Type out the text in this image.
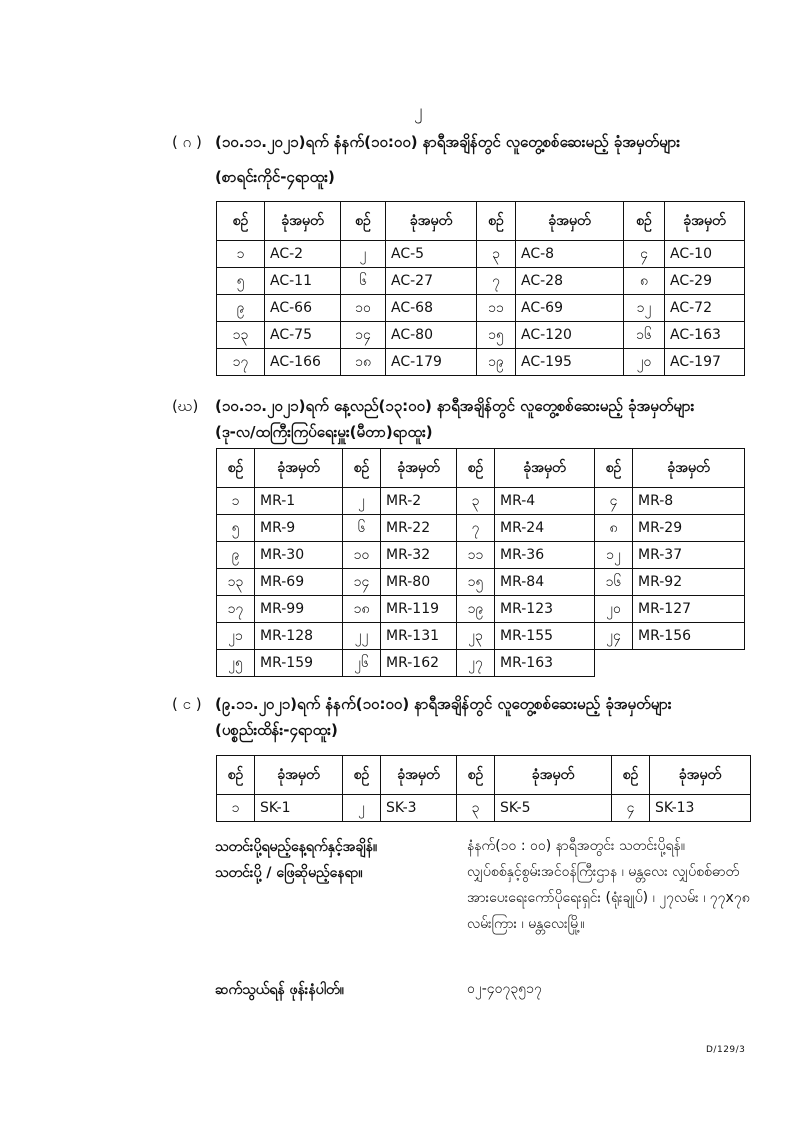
၂
( ဂ ) (၁၀.၁၁.၂၀၂၁)ရက် နံနက်(၁၀:၀၀) နာရီအချိန်တွင် လူတွေ့စစ်ဆေးမည့် ခုံအမှတ်များ
(စာရင်းကိုင်-၄ရာထူး)
စဥ်	ခုံအမှတ်	စဥ်	ခုံအမှတ်	စဥ်	ခုံအမှတ်	စဥ်	ခုံအမှတ်
၁	AC-2	၂	AC-5	၃	AC-8	၄	AC-10
၅	AC-11	၆	AC-27	၇	AC-28	၈	AC-29
၉	AC-66	၁၀	AC-68	၁၁	AC-69	၁၂	AC-72
၁၃	AC-75	၁၄	AC-80	၁၅	AC-120	၁၆	AC-163
၁၇	AC-166	၁၈	AC-179	၁၉	AC-195	၂၀	AC-197
(ဃ) (၁၀.၁၁.၂၀၂၁)ရက် နေ့လည်(၁၃:၀၀) နာရီအချိန်တွင် လူတွေ့စစ်ဆေးမည့် ခုံအမှတ်များ
(ဒု-လ/ထကြီးကြပ်ရေးမှူး(မီတာ)ရာထူး)
စဥ်	ခုံအမှတ်	စဥ်	ခုံအမှတ်	စဥ်	ခုံအမှတ်	စဥ်	ခုံအမှတ်
၁	MR-1	၂	MR-2	၃	MR-4	၄	MR-8
၅	MR-9	၆	MR-22	၇	MR-24	၈	MR-29
၉	MR-30	၁၀	MR-32	၁၁	MR-36	၁၂	MR-37
၁၃	MR-69	၁၄	MR-80	၁၅	MR-84	၁၆	MR-92
၁၇	MR-99	၁၈	MR-119	၁၉	MR-123	၂၀	MR-127
၂၁	MR-128	၂၂	MR-131	၂၃	MR-155	၂၄	MR-156
၂၅	MR-159	၂၆	MR-162	၂၇	MR-163		
( င ) (၉.၁၁.၂၀၂၁)ရက် နံနက်(၁၀:၀၀) နာရီအချိန်တွင် လူတွေ့စစ်ဆေးမည့် ခုံအမှတ်များ
(ပစ္စည်းထိန်း-၄ရာထူး)
စဥ်	ခုံအမှတ်	စဥ်	ခုံအမှတ်	စဥ်	ခုံအမှတ်	စဥ်	ခုံအမှတ်
၁	SK-1	၂	SK-3	၃	SK-5	၄	SK-13
သတင်းပို့ရမည့်နေ့ရက်နှင့်အချိန်။	နံနက်(၁၀ : ၀၀) နာရီအတွင်း သတင်းပို့ရန်။
သတင်းပို့ / ဖြေဆိုမည့်နေရာ။	လျှပ်စစ်နှင့်စွမ်းအင်ဝန်ကြီးဌာန ၊ မန္တလေး လျှပ်စစ်ဓာတ်အားပေးရေးကော်ပိုရေးရှင်း (ရုံးချုပ်) ၊ ၂၇လမ်း ၊ ၇၇x၇၈ လမ်းကြား ၊ မန္တလေးမြို့။
ဆက်သွယ်ရန် ဖုန်းနံပါတ်။	၀၂-၄၀၇၃၅၁၇
D/129/3
